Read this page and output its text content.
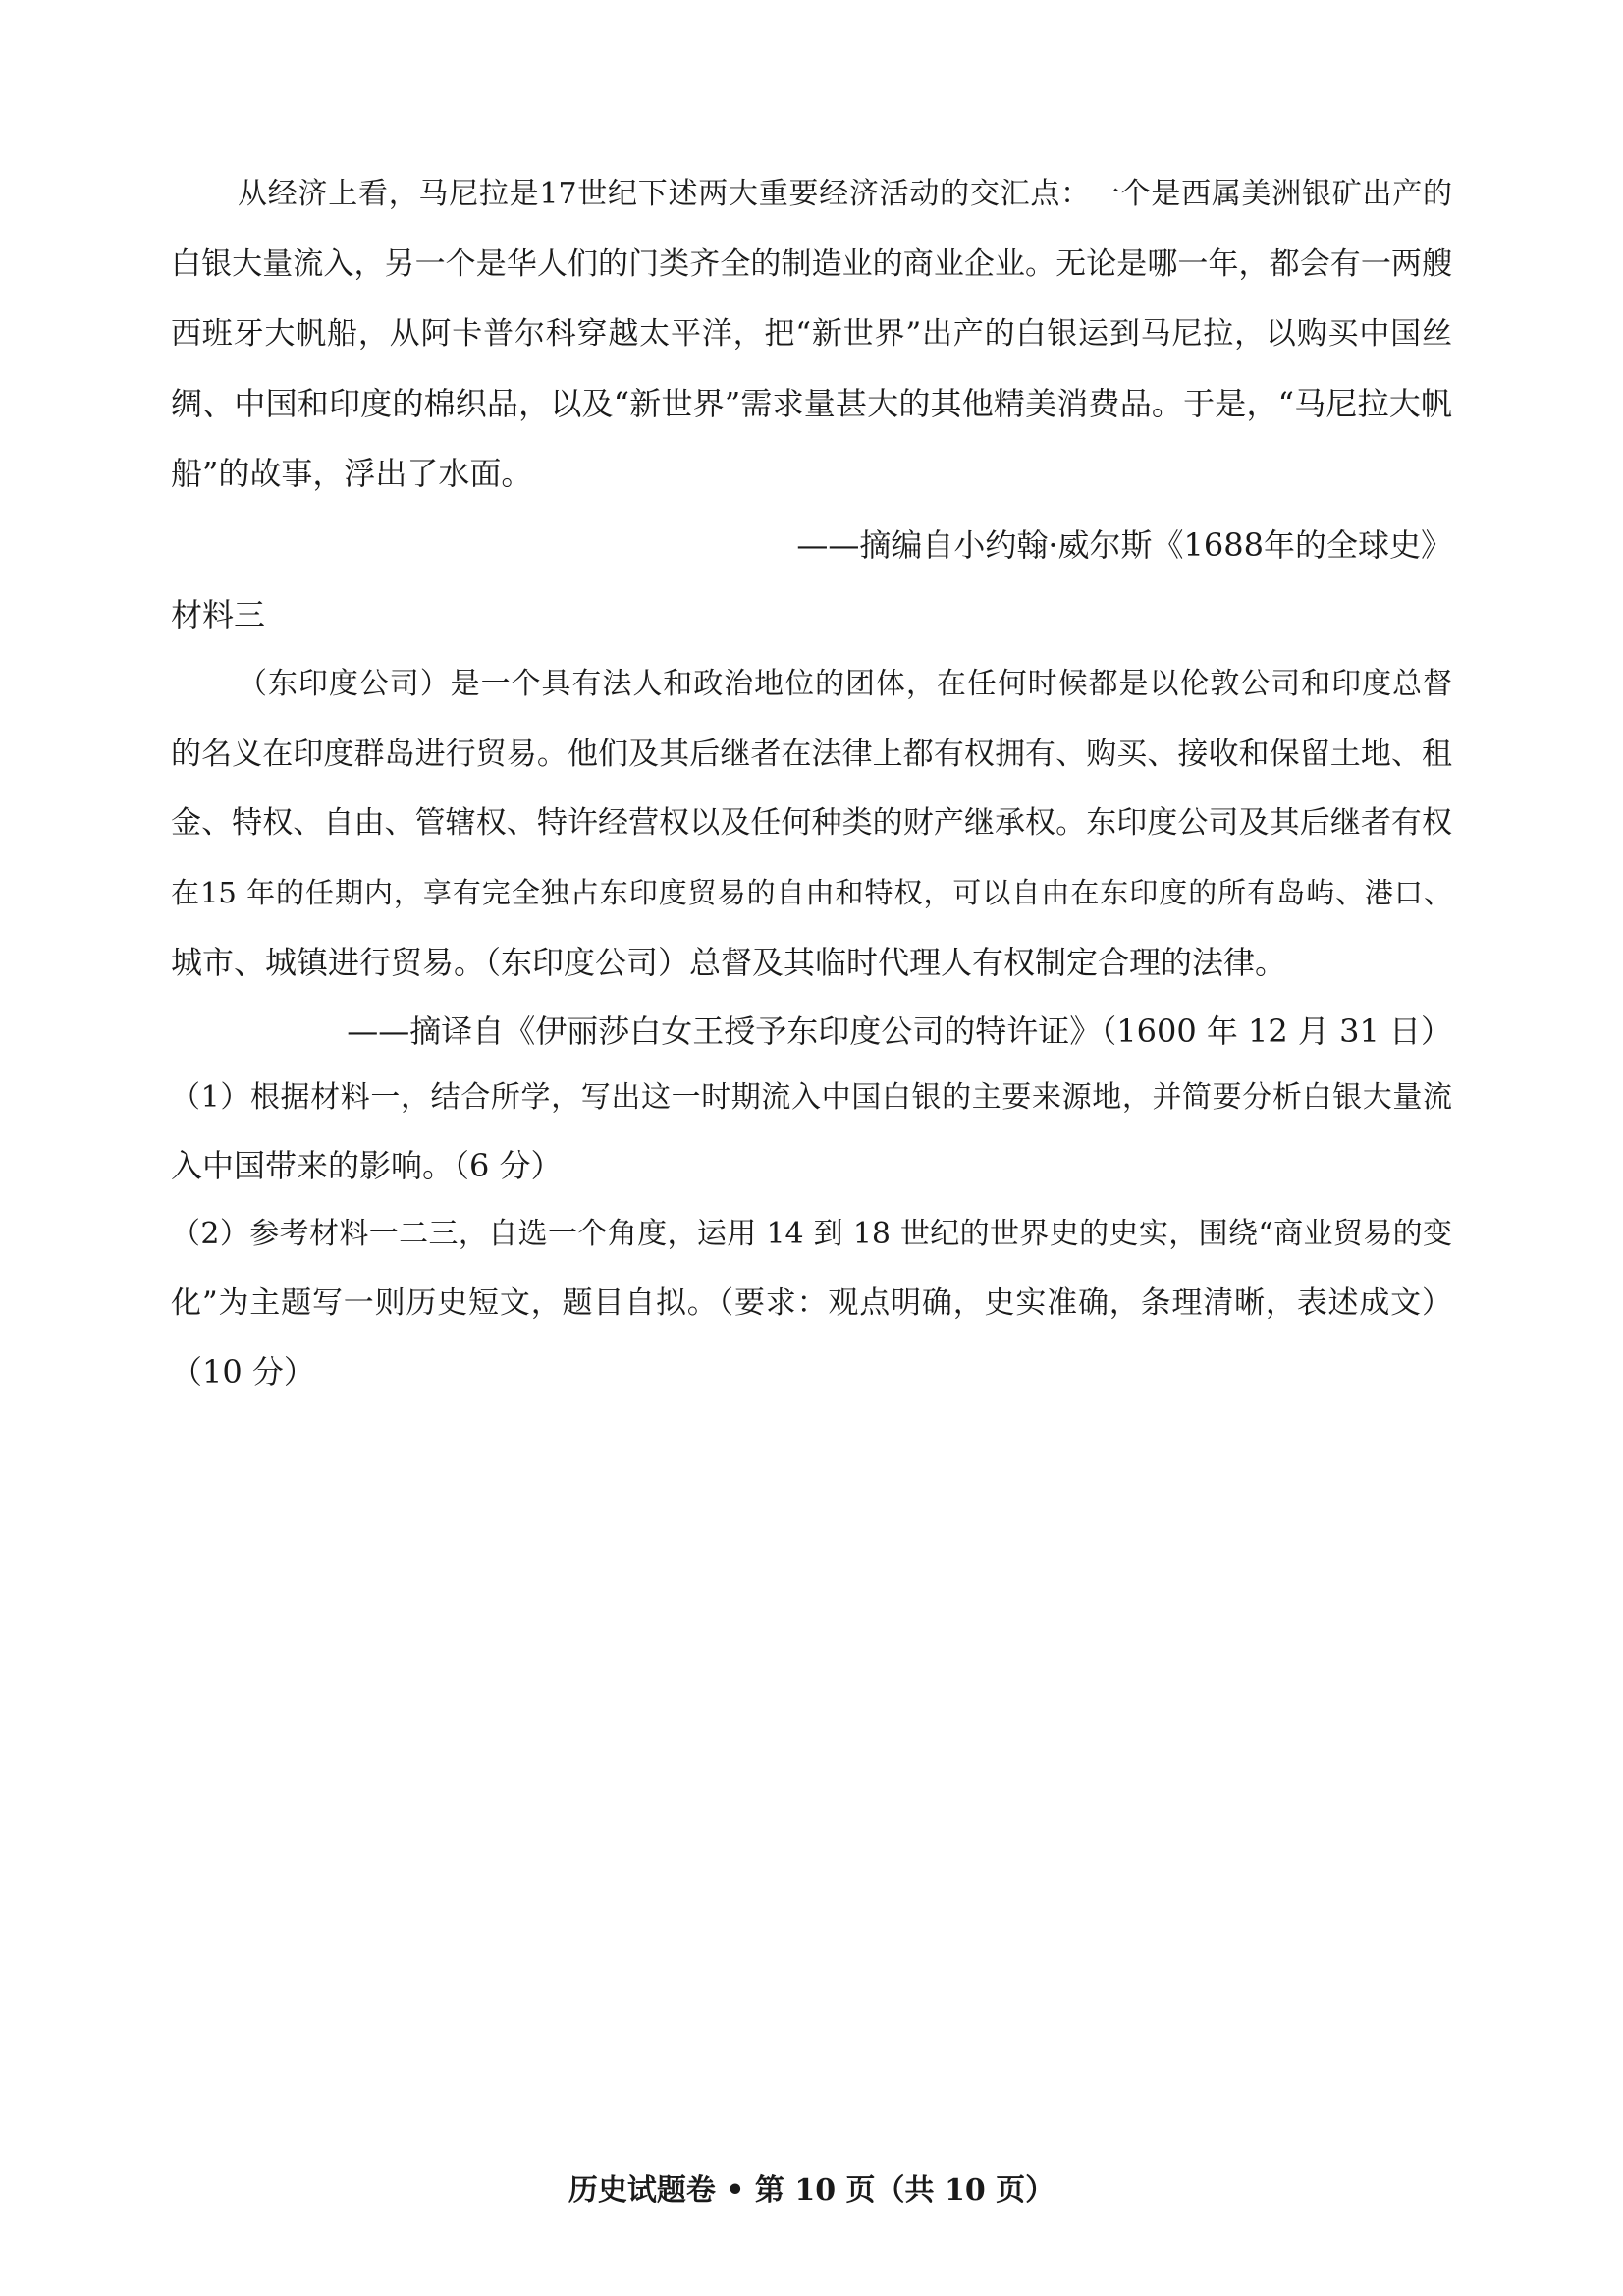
从经济上看，马尼拉是17世纪下述两大重要经济活动的交汇点：一个是西属美洲银矿出产的
白银大量流入，另一个是华人们的门类齐全的制造业的商业企业。无论是哪一年，都会有一两艘
西班牙大帆船，从阿卡普尔科穿越太平洋，把“新世界”出产的白银运到马尼拉，以购买中国丝
绸、中国和印度的棉织品，以及“新世界”需求量甚大的其他精美消费品。于是，“马尼拉大帆
船”的故事，浮出了水面。
——摘编自小约翰·威尔斯《1688年的全球史》
材料三
（东印度公司）是一个具有法人和政治地位的团体，在任何时候都是以伦敦公司和印度总督
的名义在印度群岛进行贸易。他们及其后继者在法律上都有权拥有、购买、接收和保留土地、租
金、特权、自由、管辖权、特许经营权以及任何种类的财产继承权。东印度公司及其后继者有权
在15 年的任期内，享有完全独占东印度贸易的自由和特权，可以自由在东印度的所有岛屿、港口、
城市、城镇进行贸易。（东印度公司）总督及其临时代理人有权制定合理的法律。
——摘译自《伊丽莎白女王授予东印度公司的特许证》（1600 年 12 月 31 日）
（1）根据材料一，结合所学，写出这一时期流入中国白银的主要来源地，并简要分析白银大量流
入中国带来的影响。（6 分）
（2）参考材料一二三，自选一个角度，运用 14 到 18 世纪的世界史的史实，围绕“商业贸易的变
化”为主题写一则历史短文，题目自拟。（要求：观点明确，史实准确，条理清晰，表述成文）
（10 分）
历史试题卷 • 第 10 页（共 10 页）
